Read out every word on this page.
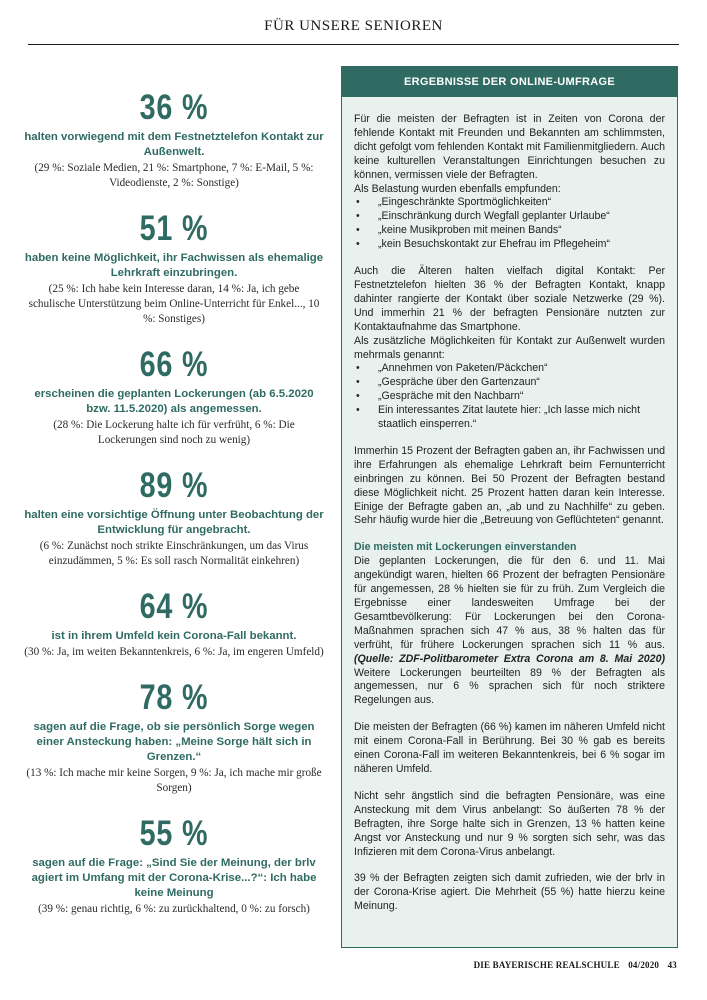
FÜR UNSERE SENIOREN
36 %
halten vorwiegend mit dem Festnetztelefon Kontakt zur Außenwelt.
(29 %: Soziale Medien, 21 %: Smartphone, 7 %: E-Mail, 5 %: Videodienste, 2 %: Sonstige)
51 %
haben keine Möglichkeit, ihr Fachwissen als ehemalige Lehrkraft einzubringen.
(25 %: Ich habe kein Interesse daran, 14 %: Ja, ich gebe schulische Unterstützung beim Online-Unterricht für Enkel..., 10 %: Sonstiges)
66 %
erscheinen die geplanten Lockerungen (ab 6.5.2020 bzw. 11.5.2020) als angemessen.
(28 %: Die Lockerung halte ich für verfrüht, 6 %: Die Lockerungen sind noch zu wenig)
89 %
halten eine vorsichtige Öffnung unter Beobachtung der Entwicklung für angebracht.
(6 %: Zunächst noch strikte Einschränkungen, um das Virus einzudämmen, 5 %: Es soll rasch Normalität einkehren)
64 %
ist in ihrem Umfeld kein Corona-Fall bekannt.
(30 %: Ja, im weiten Bekanntenkreis, 6 %: Ja, im engeren Umfeld)
78 %
sagen auf die Frage, ob sie persönlich Sorge wegen einer Ansteckung haben: „Meine Sorge hält sich in Grenzen.“
(13 %: Ich mache mir keine Sorgen, 9 %: Ja, ich mache mir große Sorgen)
55 %
sagen auf die Frage: „Sind Sie der Meinung, der brlv agiert im Umfang mit der Corona-Krise...?“: Ich habe keine Meinung
(39 %: genau richtig, 6 %: zu zurückhaltend, 0 %: zu forsch)
ERGEBNISSE DER ONLINE-UMFRAGE

Für die meisten der Befragten ist in Zeiten von Corona der fehlende Kontakt mit Freunden und Bekannten am schlimmsten, dicht gefolgt vom fehlenden Kontakt mit Familienmitgliedern. Auch keine kulturellen Veranstaltungen Einrichtungen besuchen zu können, vermissen viele der Befragten.

Als Belastung wurden ebenfalls empfunden:

• „Eingeschränkte Sportmöglichkeiten“
• „Einschränkung durch Wegfall geplanter Urlaube“
• „keine Musikproben mit meinen Bands“
• „kein Besuchskontakt zur Ehefrau im Pflegeheim“

Auch die Älteren halten vielfach digital Kontakt: Per Festnetztelefon hielten 36 % der Befragten Kontakt, knapp dahinter rangierte der Kontakt über soziale Netzwerke (29 %). Und immerhin 21 % der befragten Pensionäre nutzten zur Kontaktaufnahme das Smartphone.

Als zusätzliche Möglichkeiten für Kontakt zur Außenwelt wurden mehrmals genannt:

• „Annehmen von Paketen/Päckchen“
• „Gespräche über den Gartenzaun“
• „Gespräche mit den Nachbarn“
• Ein interessantes Zitat lautete hier: „Ich lasse mich nicht staatlich einsperren.“

Immerhin 15 Prozent der Befragten gaben an, ihr Fachwissen und ihre Erfahrungen als ehemalige Lehrkraft beim Fernunterricht einbringen zu können. Bei 50 Prozent der Befragten bestand diese Möglichkeit nicht. 25 Prozent hatten daran kein Interesse. Einige der Befragte gaben an, „ab und zu Nachhilfe“ zu geben. Sehr häufig wurde hier die „Betreuung von Geflüchteten“ genannt.

Die meisten mit Lockerungen einverstanden

Die geplanten Lockerungen, die für den 6. und 11. Mai angekündigt waren, hielten 66 Prozent der befragten Pensionäre für angemessen, 28 % hielten sie für zu früh. Zum Vergleich die Ergebnisse einer landesweiten Umfrage bei der Gesamtbevölkerung: Für Lockerungen bei den Corona-Maßnahmen sprachen sich 47 % aus, 38 % halten das für verfrüht, für frühere Lockerungen sprachen sich 11 % aus. (Quelle: ZDF-Politbarometer Extra Corona am 8. Mai 2020) Weitere Lockerungen beurteilten 89 % der Befragten als angemessen, nur 6 % sprachen sich für noch striktere Regelungen aus.

Die meisten der Befragten (66 %) kamen im näheren Umfeld nicht mit einem Corona-Fall in Berührung. Bei 30 % gab es bereits einen Corona-Fall im weiteren Bekanntenkreis, bei 6 % sogar im näheren Umfeld.

Nicht sehr ängstlich sind die befragten Pensionäre, was eine Ansteckung mit dem Virus anbelangt: So äußerten 78 % der Befragten, ihre Sorge halte sich in Grenzen, 13 % hatten keine Angst vor Ansteckung und nur 9 % sorgten sich sehr, was das Infizieren mit dem Corona-Virus anbelangt.

39 % der Befragten zeigten sich damit zufrieden, wie der brlv in der Corona-Krise agiert. Die Mehrheit (55 %) hatte hierzu keine Meinung.

DIE BAYERISCHE REALSCHULE 04/2020 43
